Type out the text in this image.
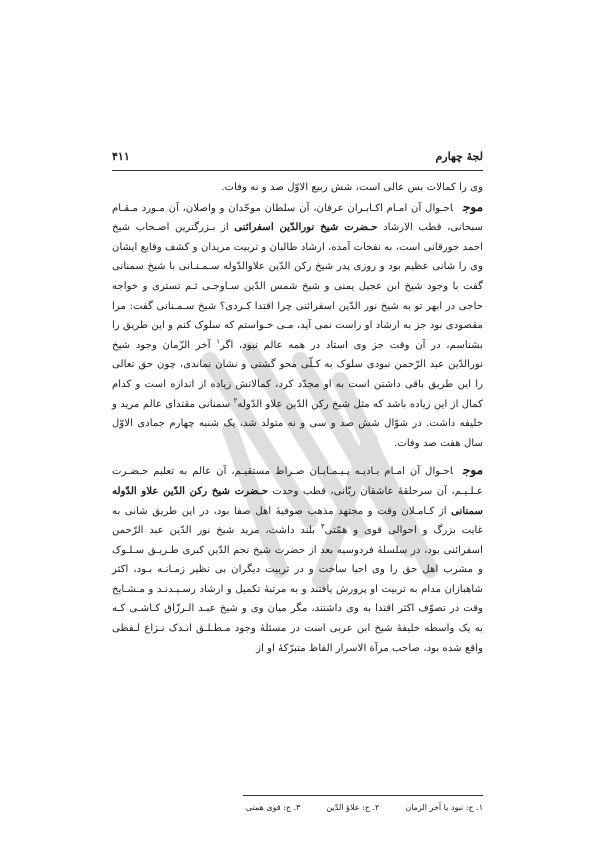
لجهٔ چهارم
۴۱۱

وی را کمالات بس عالی است، شش ربیع الاوّل صد و نه وفات.

موجاحـوال آن امـام اکـابـران عرفان، آن سلطان موحّدان و واصلان، آن مـورد مـقـام سبحانی، قطب الارشاد حـضرت شیخ نورالدّین اسفرائنی از بـزرگترین اصـحاب شیخ احمد جورقانی است، به نفحات آمده، ارشاد طالبان و تربیت مریدان و کشف وقایع ایشان وی را شانی عظیم بود و روزی پدر شیخ رکن الدّین علاوالدّوله سـمـنـانی با شیخ سمنانی گفت با وجود شیخ ابن عجیل یمنی و شیخ شمس الدّین سـاوجـی ثـم تستری و خواجه حاجی در ابهر تو به شیخ نور الدّین اسفرائنی چرا اقتدا کـردی؟ شیخ سـمـنانی گفت: مرا مقصودی بود جز به ارشاد او راست نمی آید، مـی خـواستم که سلوک کنم و این طریق را بشناسم، در آن وقت جز وی استاد در همه عالم نبود، اگر$^۱$ آخر الزّمان وجود شیخ نورالدّین عبد الرّحمن نبودی سلوک به کـلّی محو گشتی و نشان نماندی، چون حق تعالی را این طریق باقی داشتن است به او مجدّد کرد، کمالاتش زیاده از اندازه است و کدام کمال از این زیاده باشد که مثل شیخ رکن الدّین علاو الدّوله$^۲$ سمنانی مقتدای عالم مرید و خلیفه داشت. در شوّال شش صد و سی و نه متولد شد، یک شنبه چهارم جمادی الاوّل سال هفت صد وفات.

موجاحـوال آن امـام بـادیـه پـیـمـایـان صـراط مستقیـم، آن عالم به تعلیم حـضـرت عـلـیـم، آن سرحلقهٔ عاشقان ربّانی، قطب وحدت حـضرت شیخ رکن الدّین علاو الدّوله سمنانی از کـامـلان وقت و مجتهد مذهب صوفیهٔ اهل صفا بود، در این طریق شانی به غایت بزرگ و احوالی قوی و همّتی$^۳$ بلند داشت، مرید شیخ نور الدّین عبد الرّحمن اسفرائنی بود، در سلسلهٔ فردوسیه بعد از حضرت شیخ نجم الدّین کبری طـریـق سـلـوک و مشرب اهل حق را وی احیا ساخت و در تربیت دیگران بی نظیر زمـانـه بـود، اکثر شاهبازان مدام به تربیت او پرورش یافتند و به مرتبهٔ تکمیل و ارشاد رسـیـدنـد و مـشـایخ وقت در تصوّف اکثر اقتدا به وی داشتند، مگر میان وی و شیخ عبـد الـرزّاق کـاشـی کـه به یک واسطه خلیفهٔ شیخ ابن عربی است در مسئلهٔ وجود مـطـلـق انـدک نـزاع لـفظی واقع شده بود، صاحب مرآة الاسرار الفاظ متبرّکهٔ او از

۱. ج: نبود یا آخر الزمان
۲. ج: علاؤ الدّین
۳. ج: قوی همتی
